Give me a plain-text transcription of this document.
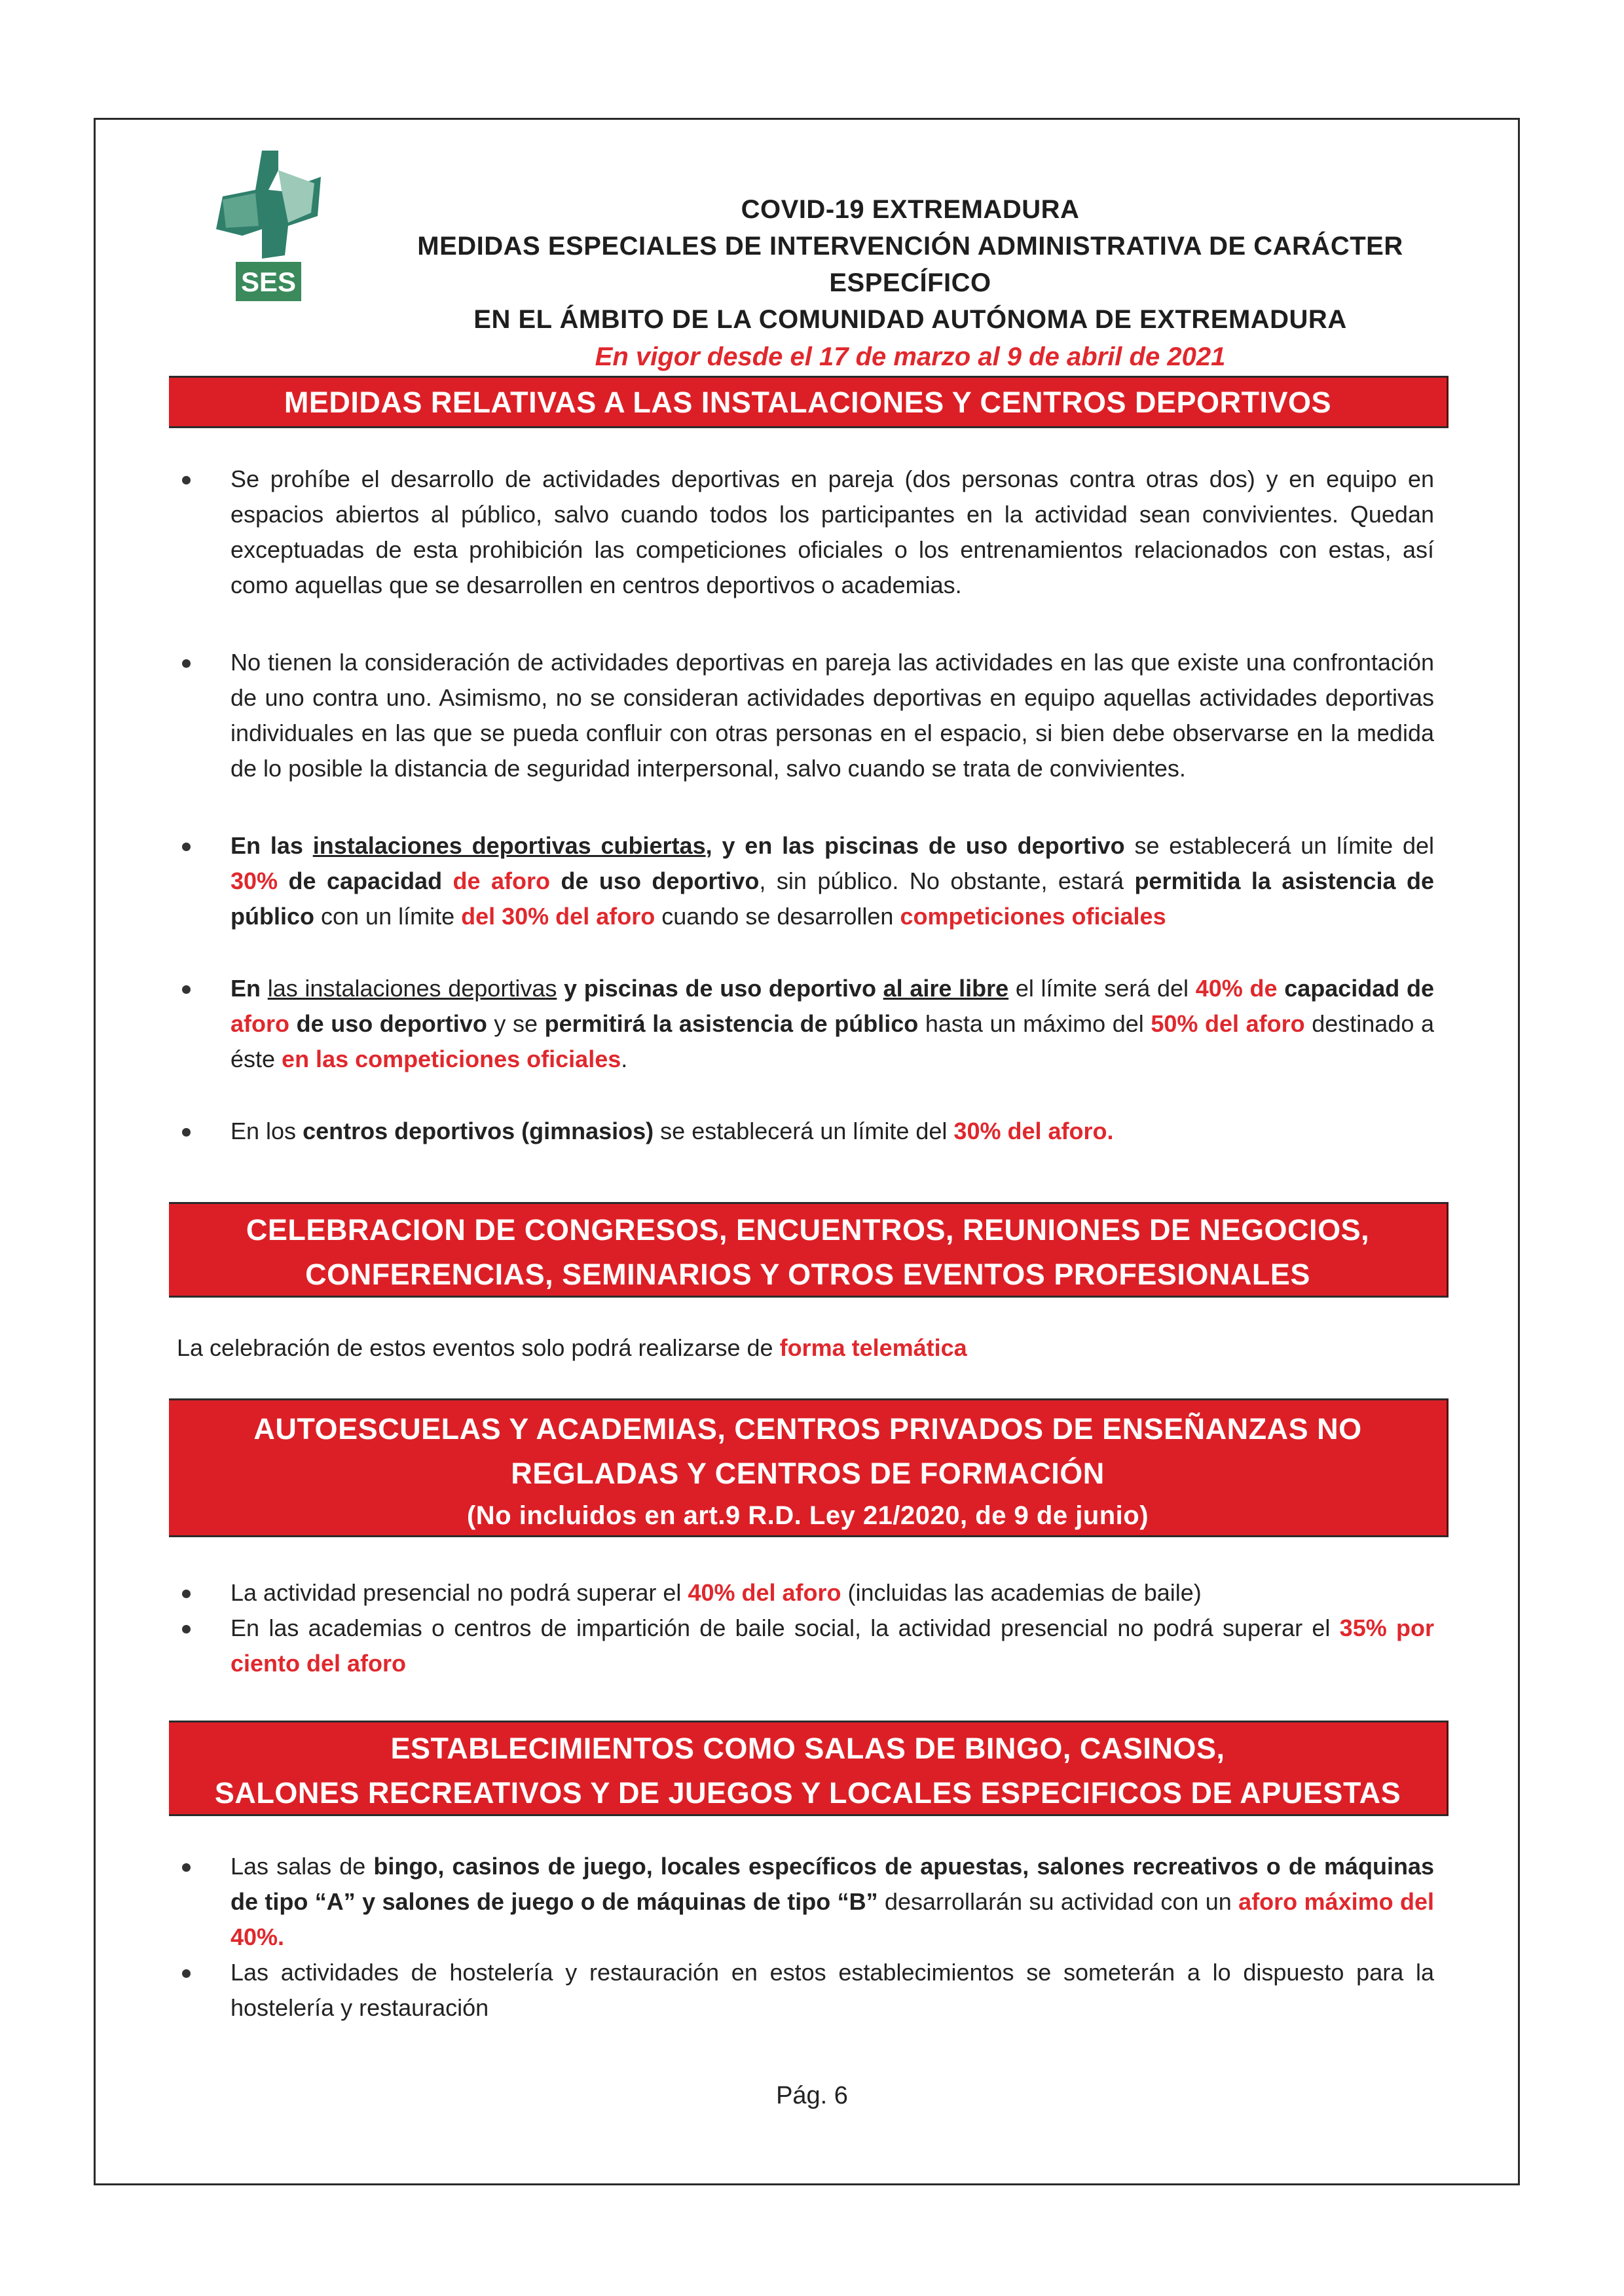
SES
COVID-19 EXTREMADURA
MEDIDAS ESPECIALES DE INTERVENCIÓN ADMINISTRATIVA DE CARÁCTER ESPECÍFICO
EN EL ÁMBITO DE LA COMUNIDAD AUTÓNOMA DE EXTREMADURA
En vigor desde el 17 de marzo al 9 de abril de 2021
MEDIDAS RELATIVAS A LAS INSTALACIONES Y CENTROS DEPORTIVOS
Se prohíbe el desarrollo de actividades deportivas en pareja (dos personas contra otras dos) y en equipo en espacios abiertos al público, salvo cuando todos los participantes en la actividad sean convivientes. Quedan exceptuadas de esta prohibición las competiciones oficiales o los entrenamientos relacionados con estas, así como aquellas que se desarrollen en centros deportivos o academias.
No tienen la consideración de actividades deportivas en pareja las actividades en las que existe una confrontación de uno contra uno. Asimismo, no se consideran actividades deportivas en equipo aquellas actividades deportivas individuales en las que se pueda confluir con otras personas en el espacio, si bien debe observarse en la medida de lo posible la distancia de seguridad interpersonal, salvo cuando se trata de convivientes.
En las instalaciones deportivas cubiertas, y en las piscinas de uso deportivo se establecerá un límite del 30% de capacidad de aforo de uso deportivo, sin público. No obstante, estará permitida la asistencia de público con un límite del 30% del aforo cuando se desarrollen competiciones oficiales
En las instalaciones deportivas y piscinas de uso deportivo al aire libre el límite será del 40% de capacidad de aforo de uso deportivo y se permitirá la asistencia de público hasta un máximo del 50% del aforo destinado a éste en las competiciones oficiales.
En los centros deportivos (gimnasios) se establecerá un límite del 30% del aforo.
CELEBRACION DE CONGRESOS, ENCUENTROS, REUNIONES DE NEGOCIOS,
CONFERENCIAS, SEMINARIOS Y OTROS EVENTOS PROFESIONALES
La celebración de estos eventos solo podrá realizarse de forma telemática
AUTOESCUELAS Y ACADEMIAS, CENTROS PRIVADOS DE ENSEÑANZAS NO
REGLADAS Y CENTROS DE FORMACIÓN
(No incluidos en art.9 R.D. Ley 21/2020, de 9 de junio)
La actividad presencial no podrá superar el 40% del aforo (incluidas las academias de baile)
En las academias o centros de impartición de baile social, la actividad presencial no podrá superar el 35% por ciento del aforo
ESTABLECIMIENTOS COMO SALAS DE BINGO, CASINOS,
SALONES RECREATIVOS Y DE JUEGOS Y LOCALES ESPECIFICOS DE APUESTAS
Las salas de bingo, casinos de juego, locales específicos de apuestas, salones recreativos o de máquinas de tipo “A” y salones de juego o de máquinas de tipo “B” desarrollarán su actividad con un aforo máximo del 40%.
Las actividades de hostelería y restauración en estos establecimientos se someterán a lo dispuesto para la hostelería y restauración
Pág. 6
